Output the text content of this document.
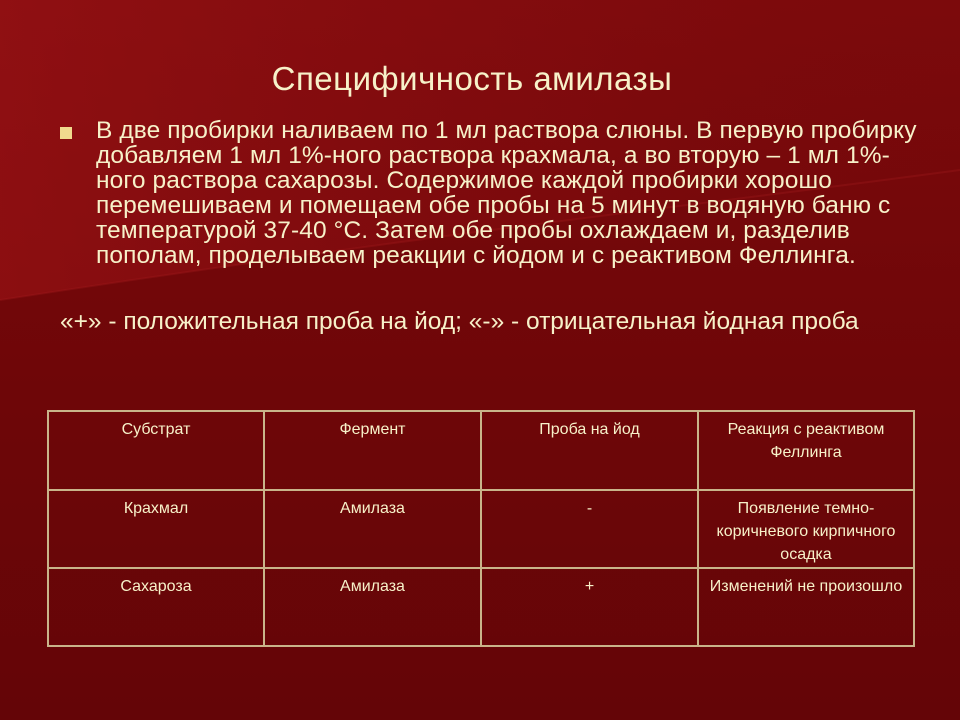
Специфичность амилазы

В две пробирки наливаем по 1 мл раствора слюны. В первую пробирку добавляем 1 мл 1%-ного раствора крахмала, а во вторую – 1 мл 1%-ного раствора сахарозы. Содержимое каждой пробирки хорошо перемешиваем и помещаем обе пробы на 5 минут в водяную баню с температурой 37-40 °С. Затем обе пробы охлаждаем и, разделив пополам, проделываем реакции с йодом и с реактивом Феллинга.

«+» - положительная проба на йод; «-» - отрицательная йодная проба

Субстрат	Фермент	Проба на йод	Реакция с реактивом Феллинга
Крахмал	Амилаза	-	Появление темно-коричневого кирпичного осадка
Сахароза	Амилаза	+	Изменений не произошло
